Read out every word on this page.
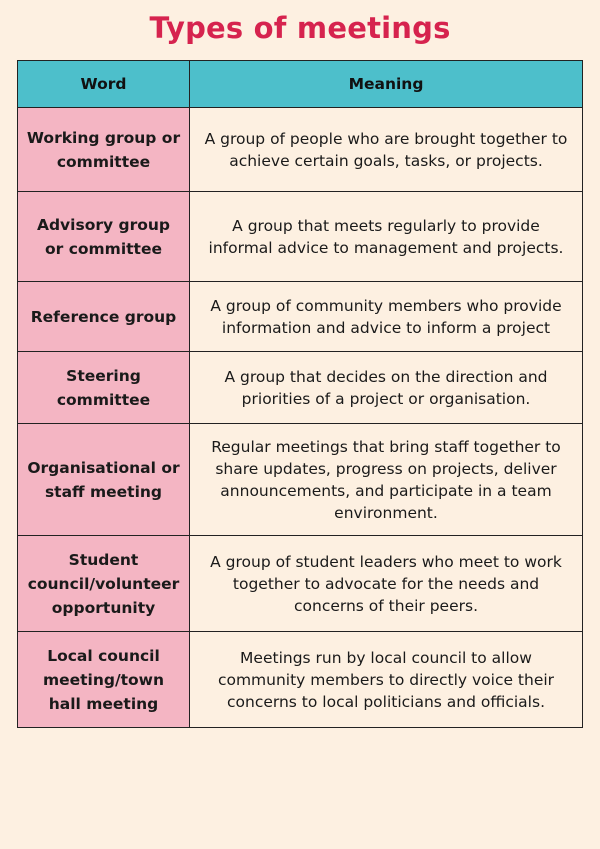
Types of meetings
Word	Meaning
Working group or committee	A group of people who are brought together to achieve certain goals, tasks, or projects.
Advisory group or committee	A group that meets regularly to provide informal advice to management and projects.
Reference group	A group of community members who provide information and advice to inform a project
Steering committee	A group that decides on the direction and priorities of a project or organisation.
Organisational or staff meeting	Regular meetings that bring staff together to share updates, progress on projects, deliver announcements, and participate in a team environment.
Student council/volunteer opportunity	A group of student leaders who meet to work together to advocate for the needs and concerns of their peers.
Local council meeting/town hall meeting	Meetings run by local council to allow community members to directly voice their concerns to local politicians and officials.
